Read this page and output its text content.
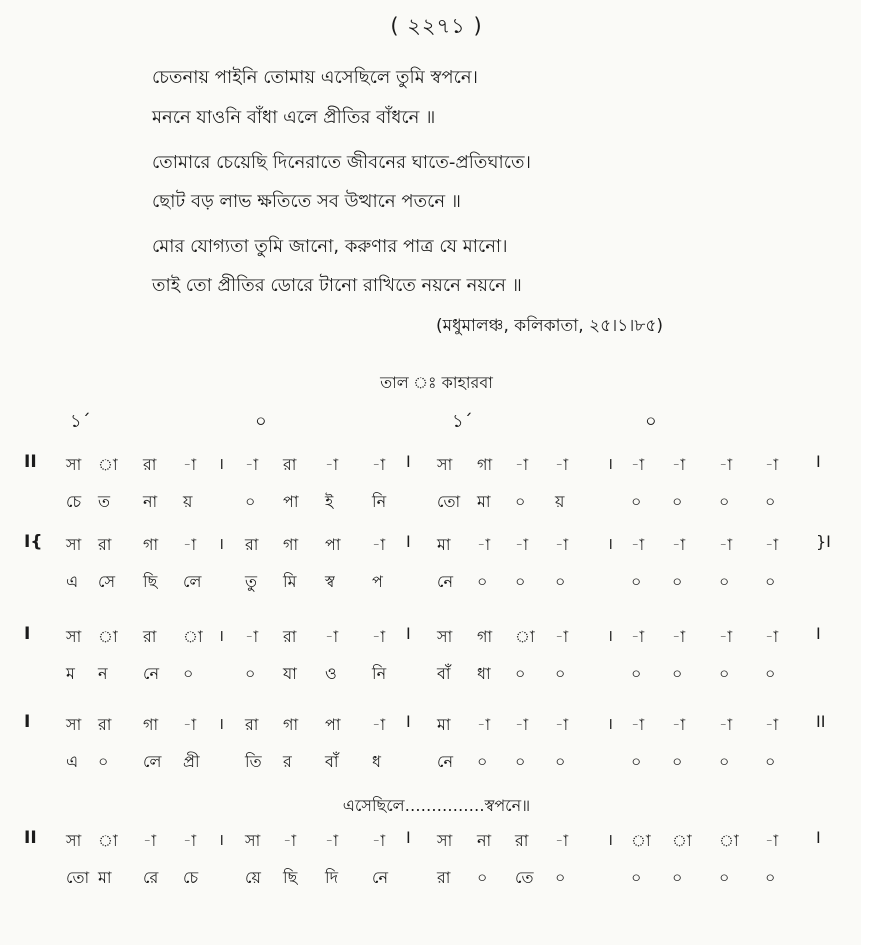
( ২২৭১ )
চেতনায় পাইনি তোমায় এসেছিলে তুমি স্বপনে।
মননে যাওনি বাঁধা এলে প্রীতির বাঁধনে ॥
তোমারে চেয়েছি দিনেরাতে জীবনের ঘাতে-প্রতিঘাতে।
ছোট বড় লাভ ক্ষতিতে সব উত্থানে পতনে ॥
মোর যোগ্যতা তুমি জানো, করুণার পাত্র যে মানো।
তাই তো প্রীতির ডোরে টানো রাখিতে নয়নে নয়নে ॥
(মধুমালঞ্চ, কলিকাতা, ২৫।১।৮৫)
তাল ঃ কাহারবা
১´	০	১´	০
II সা া রা -া । -া রা -া -া I সা গা -া -া । -া -া -া -া I
চে ত না য়	০ পা ই নি	তো মা ০ য়	০ ০ ০ ০
I{ সা রা গা -া । রা গা পা -া I মা -া -া -া । -া -া -া -া }I
এ সে ছি লে	তু মি স্ব প	নে ০ ০ ০	০ ০ ০ ০
I সা া রা া । -া রা -া -া I সা গা া -া । -া -া -া -া I
ম ন নে ০	০ যা ও নি	বাঁ ধা ০ ০	০ ০ ০ ০
I সা রা গা -া । রা গা পা -া I মা -া -া -া । -া -া -া -া II
এ ০ লে প্রী	তি র বাঁ ধ	নে ০ ০ ০	০ ০ ০ ০
II সা া -া -া । সা -া -া -া I সা না রা -া । া া া -া I
তো মা রে চে	য়ে ছি দি নে	রা ০ তে ০	০ ০ ০ ০
এসেছিলে……………স্বপনে॥
